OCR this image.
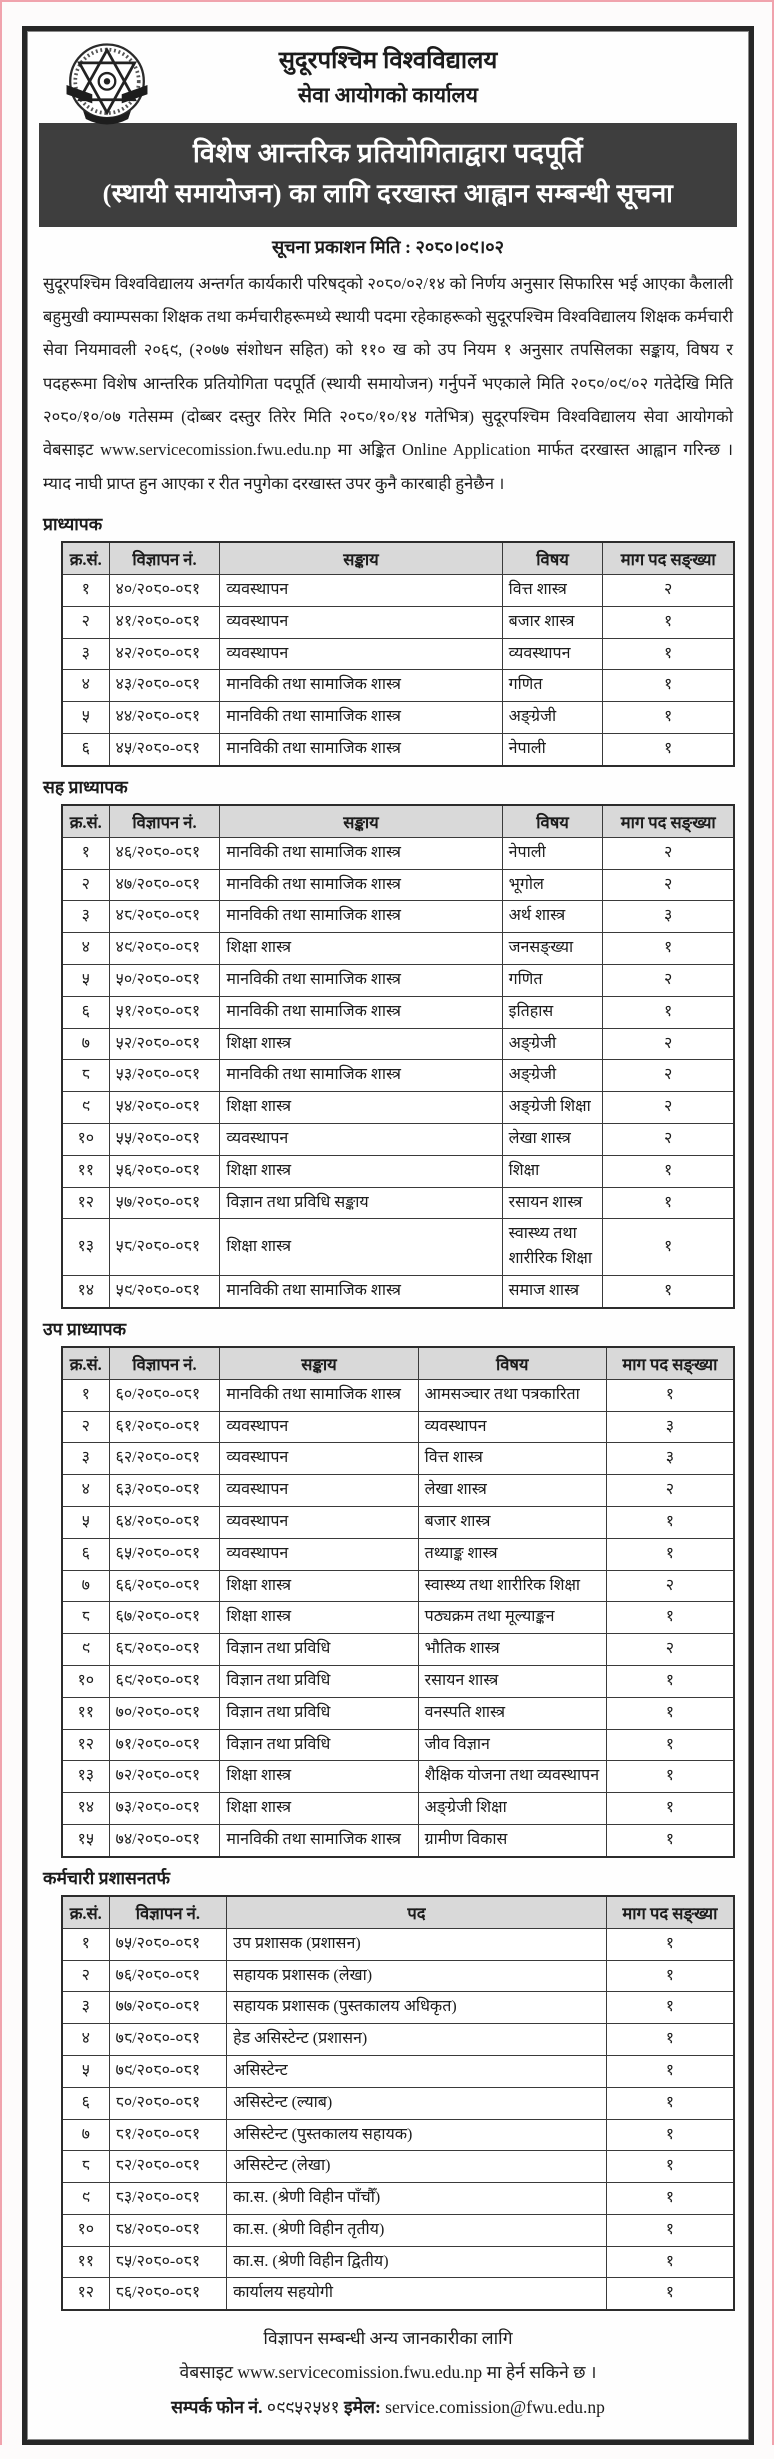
सुदूरपश्चिम विश्वविद्यालय
सेवा आयोगको कार्यालय
विशेष आन्तरिक प्रतियोगिताद्वारा पदपूर्ति
(स्थायी समायोजन) का लागि दरखास्त आह्वान सम्बन्धी सूचना
सूचना प्रकाशन मिति : २०८०।०९।०२
सुदूरपश्चिम विश्वविद्यालय अन्तर्गत कार्यकारी परिषद्को २०८०/०२/१४ को निर्णय अनुसार सिफारिस भई आएका कैलाली बहुमुखी क्याम्पसका शिक्षक तथा कर्मचारीहरूमध्ये स्थायी पदमा रहेकाहरूको सुदूरपश्चिम विश्वविद्यालय शिक्षक कर्मचारी सेवा नियमावली २०६९, (२०७७ संशोधन सहित) को ११० ख को उप नियम १ अनुसार तपसिलका सङ्काय, विषय र पदहरूमा विशेष आन्तरिक प्रतियोगिता पदपूर्ति (स्थायी समायोजन) गर्नुपर्ने भएकाले मिति २०८०/०९/०२ गतेदेखि मिति २०८०/१०/०७ गतेसम्म (दोब्बर दस्तुर तिरेर मिति २०८०/१०/१४ गतेभित्र) सुदूरपश्चिम विश्वविद्यालय सेवा आयोगको वेबसाइट www.servicecomission.fwu.edu.np मा अङ्कित Online Application मार्फत दरखास्त आह्वान गरिन्छ । म्याद नाघी प्राप्त हुन आएका र रीत नपुगेका दरखास्त उपर कुनै कारबाही हुनेछैन ।
प्राध्यापक
क्र.सं.	विज्ञापन नं.	सङ्काय	विषय	माग पद सङ्ख्या
१	४०/२०८०-०८१	व्यवस्थापन	वित्त शास्त्र	२
२	४१/२०८०-०८१	व्यवस्थापन	बजार शास्त्र	१
३	४२/२०८०-०८१	व्यवस्थापन	व्यवस्थापन	१
४	४३/२०८०-०८१	मानविकी तथा सामाजिक शास्त्र	गणित	१
५	४४/२०८०-०८१	मानविकी तथा सामाजिक शास्त्र	अङ्ग्रेजी	१
६	४५/२०८०-०८१	मानविकी तथा सामाजिक शास्त्र	नेपाली	१
सह प्राध्यापक
क्र.सं.	विज्ञापन नं.	सङ्काय	विषय	माग पद सङ्ख्या
१	४६/२०८०-०८१	मानविकी तथा सामाजिक शास्त्र	नेपाली	२
२	४७/२०८०-०८१	मानविकी तथा सामाजिक शास्त्र	भूगोल	२
३	४८/२०८०-०८१	मानविकी तथा सामाजिक शास्त्र	अर्थ शास्त्र	३
४	४९/२०८०-०८१	शिक्षा शास्त्र	जनसङ्ख्या	१
५	५०/२०८०-०८१	मानविकी तथा सामाजिक शास्त्र	गणित	२
६	५१/२०८०-०८१	मानविकी तथा सामाजिक शास्त्र	इतिहास	१
७	५२/२०८०-०८१	शिक्षा शास्त्र	अङ्ग्रेजी	२
८	५३/२०८०-०८१	मानविकी तथा सामाजिक शास्त्र	अङ्ग्रेजी	२
९	५४/२०८०-०८१	शिक्षा शास्त्र	अङ्ग्रेजी शिक्षा	२
१०	५५/२०८०-०८१	व्यवस्थापन	लेखा शास्त्र	२
११	५६/२०८०-०८१	शिक्षा शास्त्र	शिक्षा	१
१२	५७/२०८०-०८१	विज्ञान तथा प्रविधि सङ्काय	रसायन शास्त्र	१
१३	५८/२०८०-०८१	शिक्षा शास्त्र	स्वास्थ्य तथा शारीरिक शिक्षा	१
१४	५९/२०८०-०८१	मानविकी तथा सामाजिक शास्त्र	समाज शास्त्र	१
उप प्राध्यापक
क्र.सं.	विज्ञापन नं.	सङ्काय	विषय	माग पद सङ्ख्या
१	६०/२०८०-०८१	मानविकी तथा सामाजिक शास्त्र	आमसञ्चार तथा पत्रकारिता	१
२	६१/२०८०-०८१	व्यवस्थापन	व्यवस्थापन	३
३	६२/२०८०-०८१	व्यवस्थापन	वित्त शास्त्र	३
४	६३/२०८०-०८१	व्यवस्थापन	लेखा शास्त्र	२
५	६४/२०८०-०८१	व्यवस्थापन	बजार शास्त्र	१
६	६५/२०८०-०८१	व्यवस्थापन	तथ्याङ्क शास्त्र	१
७	६६/२०८०-०८१	शिक्षा शास्त्र	स्वास्थ्य तथा शारीरिक शिक्षा	२
८	६७/२०८०-०८१	शिक्षा शास्त्र	पठ्यक्रम तथा मूल्याङ्कन	१
९	६८/२०८०-०८१	विज्ञान तथा प्रविधि	भौतिक शास्त्र	२
१०	६९/२०८०-०८१	विज्ञान तथा प्रविधि	रसायन शास्त्र	१
११	७०/२०८०-०८१	विज्ञान तथा प्रविधि	वनस्पति शास्त्र	१
१२	७१/२०८०-०८१	विज्ञान तथा प्रविधि	जीव विज्ञान	१
१३	७२/२०८०-०८१	शिक्षा शास्त्र	शैक्षिक योजना तथा व्यवस्थापन	१
१४	७३/२०८०-०८१	शिक्षा शास्त्र	अङ्ग्रेजी शिक्षा	१
१५	७४/२०८०-०८१	मानविकी तथा सामाजिक शास्त्र	ग्रामीण विकास	१
कर्मचारी प्रशासनतर्फ
क्र.सं.	विज्ञापन नं.	पद	माग पद सङ्ख्या
१	७५/२०८०-०८१	उप प्रशासक (प्रशासन)	१
२	७६/२०८०-०८१	सहायक प्रशासक (लेखा)	१
३	७७/२०८०-०८१	सहायक प्रशासक (पुस्तकालय अधिकृत)	१
४	७८/२०८०-०८१	हेड असिस्टेन्ट (प्रशासन)	१
५	७९/२०८०-०८१	असिस्टेन्ट	१
६	८०/२०८०-०८१	असिस्टेन्ट (ल्याब)	१
७	८१/२०८०-०८१	असिस्टेन्ट (पुस्तकालय सहायक)	१
८	८२/२०८०-०८१	असिस्टेन्ट (लेखा)	१
९	८३/२०८०-०८१	का.स. (श्रेणी विहीन पाँचौँ)	१
१०	८४/२०८०-०८१	का.स. (श्रेणी विहीन तृतीय)	१
११	८५/२०८०-०८१	का.स. (श्रेणी विहीन द्वितीय)	१
१२	८६/२०८०-०८१	कार्यालय सहयोगी	१
विज्ञापन सम्बन्धी अन्य जानकारीका लागि
वेबसाइट www.servicecomission.fwu.edu.np मा हेर्न सकिने छ ।
सम्पर्क फोन नं. ०९९५२५४१ इमेल: service.comission@fwu.edu.np
